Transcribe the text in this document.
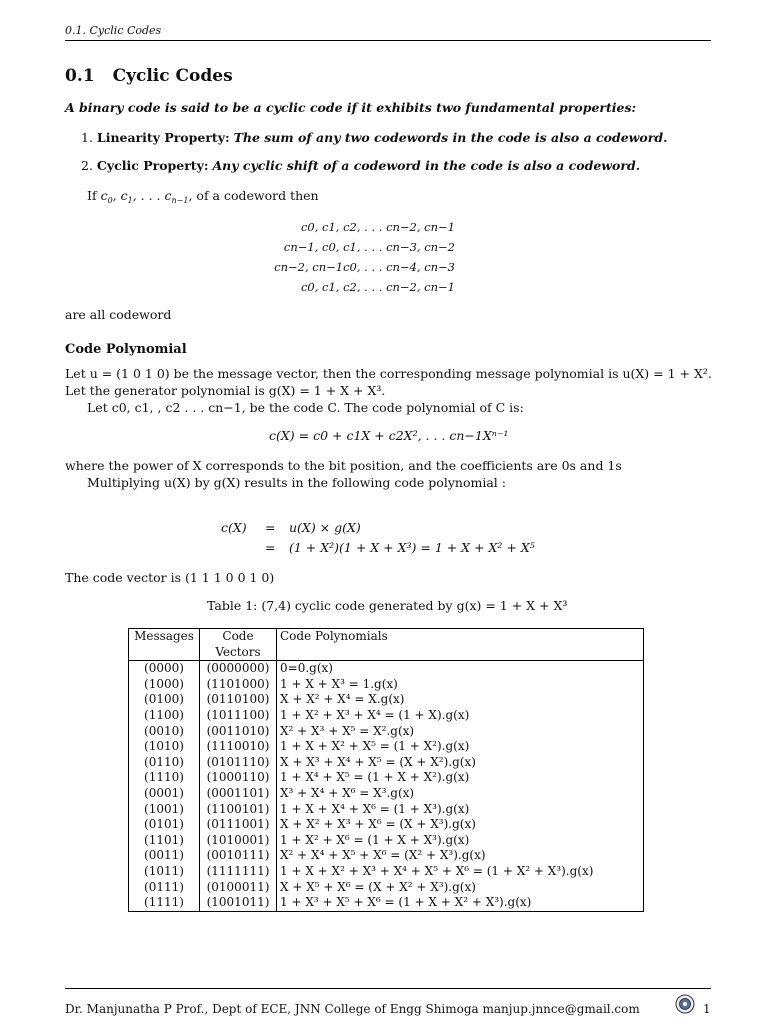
0.1. Cyclic Codes
0.1 Cyclic Codes
A binary code is said to be a cyclic code if it exhibits two fundamental properties:
1. Linearity Property: The sum of any two codewords in the code is also a codeword.
2. Cyclic Property: Any cyclic shift of a codeword in the code is also a codeword.
If $c_0$, $c_1$, . . . $c_{n-1}$, of a codeword then
c0, c1, c2, . . . cn−2, cn−1
cn−1, c0, c1, . . . cn−3, cn−2
cn−2, cn−1c0, . . . cn−4, cn−3
c0, c1, c2, . . . cn−2, cn−1
are all codeword
Code Polynomial
Let u = (1 0 1 0) be the message vector, then the corresponding message polynomial is u(X) = 1 + X².
Let the generator polynomial is g(X) = 1 + X + X³.
Let c0, c1, , c2 . . . cn−1, be the code C. The code polynomial of C is:
c(X) = c0 + c1X + c2X², . . . cn−1Xⁿ⁻¹
where the power of X corresponds to the bit position, and the coefficients are 0s and 1s
Multiplying u(X) by g(X) results in the following code polynomial :
c(X) = u(X) × g(X)
= (1 + X²)(1 + X + X³) = 1 + X + X² + X⁵
The code vector is (1 1 1 0 0 1 0)
Table 1: (7,4) cyclic code generated by g(x) = 1 + X + X³
Messages	Code Vectors	Code Polynomials
(0000)	(0000000)	0=0.g(x)
(1000)	(1101000)	1 + X + X³ = 1.g(x)
(0100)	(0110100)	X + X² + X⁴ = X.g(x)
(1100)	(1011100)	1 + X² + X³ + X⁴ = (1 + X).g(x)
(0010)	(0011010)	X² + X³ + X⁵ = X².g(x)
(1010)	(1110010)	1 + X + X² + X⁵ = (1 + X²).g(x)
(0110)	(0101110)	X + X³ + X⁴ + X⁵ = (X + X²).g(x)
(1110)	(1000110)	1 + X⁴ + X⁵ = (1 + X + X²).g(x)
(0001)	(0001101)	X³ + X⁴ + X⁶ = X³.g(x)
(1001)	(1100101)	1 + X + X⁴ + X⁶ = (1 + X³).g(x)
(0101)	(0111001)	X + X² + X³ + X⁶ = (X + X³).g(x)
(1101)	(1010001)	1 + X² + X⁶ = (1 + X + X³).g(x)
(0011)	(0010111)	X² + X⁴ + X⁵ + X⁶ = (X² + X³).g(x)
(1011)	(1111111)	1 + X + X² + X³ + X⁴ + X⁵ + X⁶ = (1 + X² + X³).g(x)
(0111)	(0100011)	X + X⁵ + X⁶ = (X + X² + X³).g(x)
(1111)	(1001011)	1 + X³ + X⁵ + X⁶ = (1 + X + X² + X³).g(x)
Dr. Manjunatha P Prof., Dept of ECE, JNN College of Engg Shimoga manjup.jnnce@gmail.com	1
